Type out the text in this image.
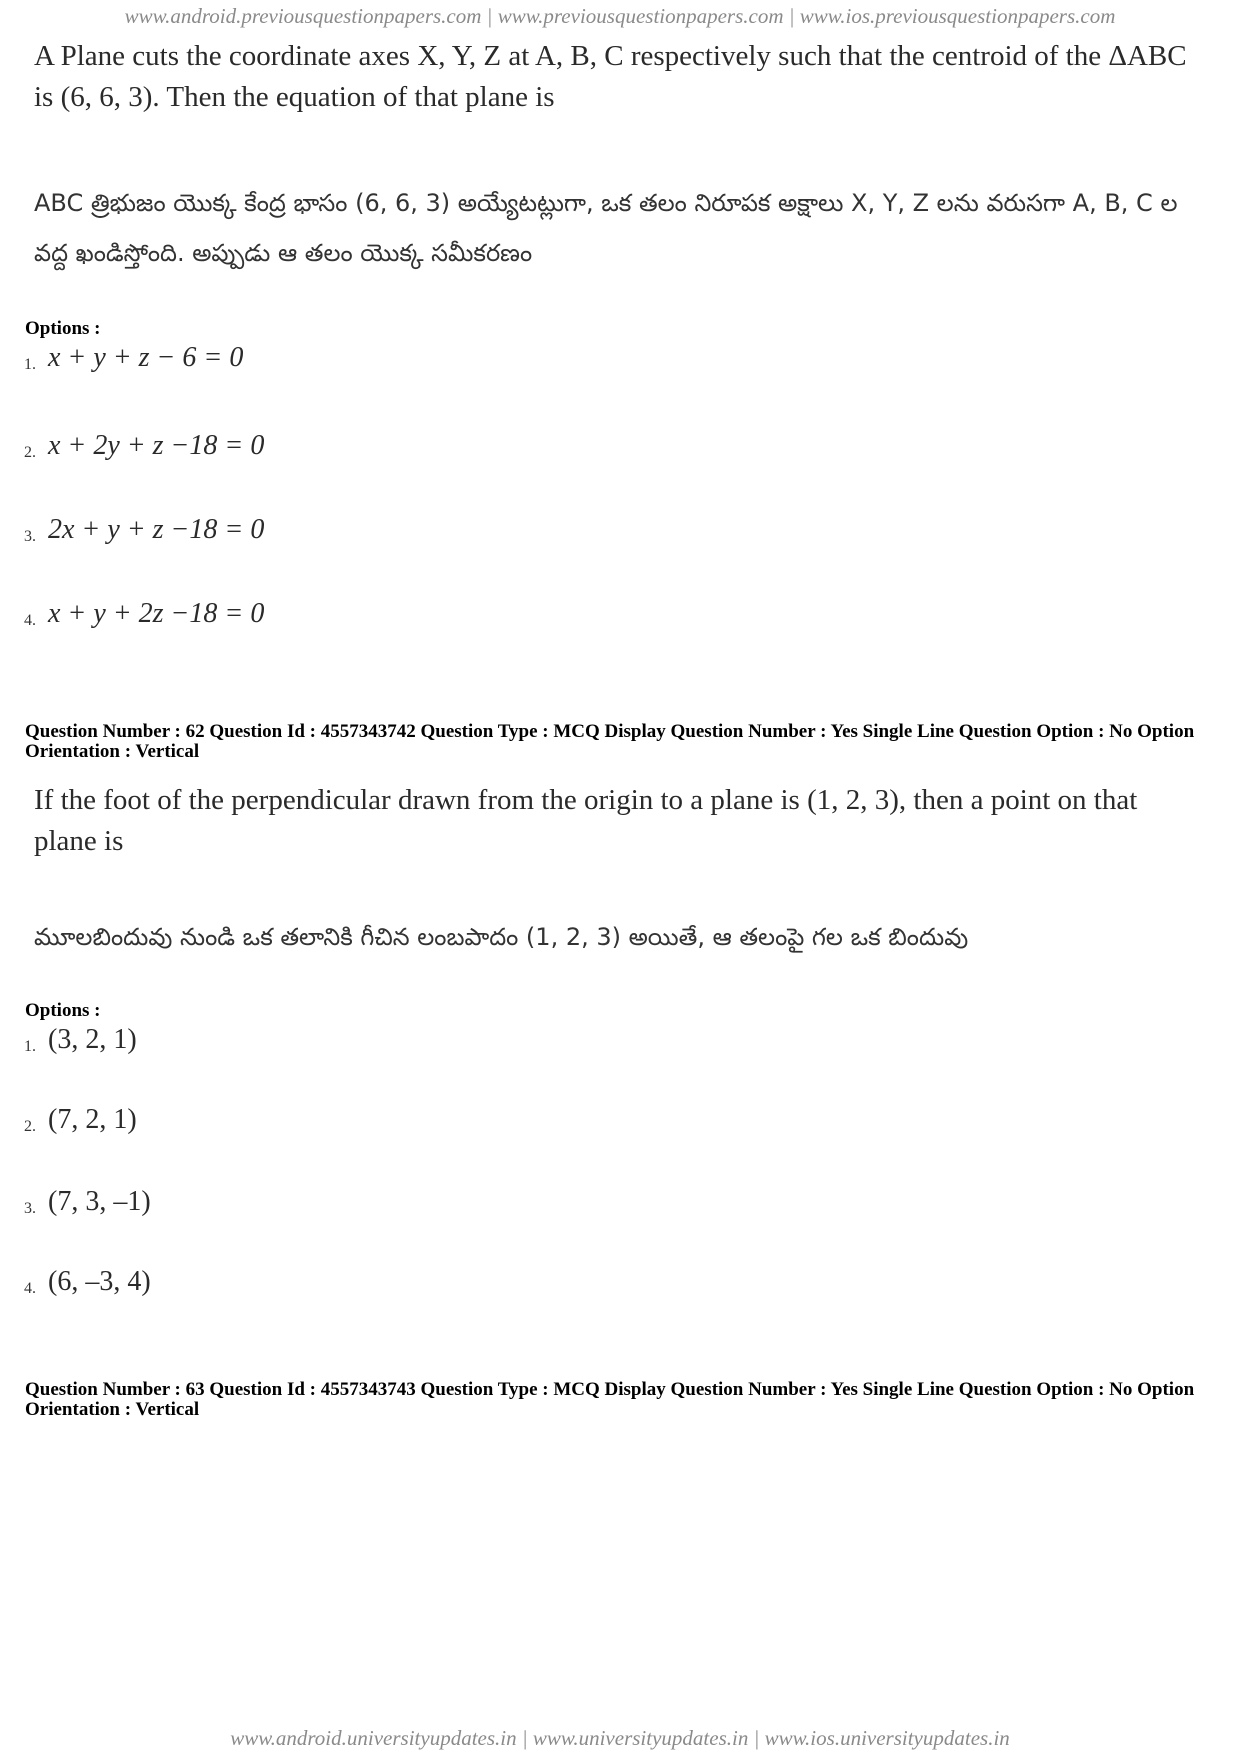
www.android.previousquestionpapers.com | www.previousquestionpapers.com | www.ios.previousquestionpapers.com
A Plane cuts the coordinate axes X, Y, Z at A, B, C respectively such that the centroid of the ΔABC is (6, 6, 3). Then the equation of that plane is
ABC త్రిభుజం యొక్క కేంద్ర భాసం (6, 6, 3) అయ్యేటట్లుగా, ఒక తలం నిరూపక అక్షాలు X, Y, Z లను వరుసగా A, B, C ల వద్ద ఖండిస్తోంది. అప్పుడు ఆ తలం యొక్క సమీకరణం
Options :
1. x + y + z − 6 = 0
2. x + 2y + z −18 = 0
3. 2x + y + z −18 = 0
4. x + y + 2z −18 = 0
Question Number : 62 Question Id : 4557343742 Question Type : MCQ Display Question Number : Yes Single Line Question Option : No Option Orientation : Vertical
If the foot of the perpendicular drawn from the origin to a plane is (1, 2, 3), then a point on that plane is
మూలబిందువు నుండి ఒక తలానికి గీచిన లంబపాదం (1, 2, 3) అయితే, ఆ తలంపై గల ఒక బిందువు
Options :
1. (3, 2, 1)
2. (7, 2, 1)
3. (7, 3, –1)
4. (6, –3, 4)
Question Number : 63 Question Id : 4557343743 Question Type : MCQ Display Question Number : Yes Single Line Question Option : No Option Orientation : Vertical
www.android.universityupdates.in | www.universityupdates.in | www.ios.universityupdates.in
